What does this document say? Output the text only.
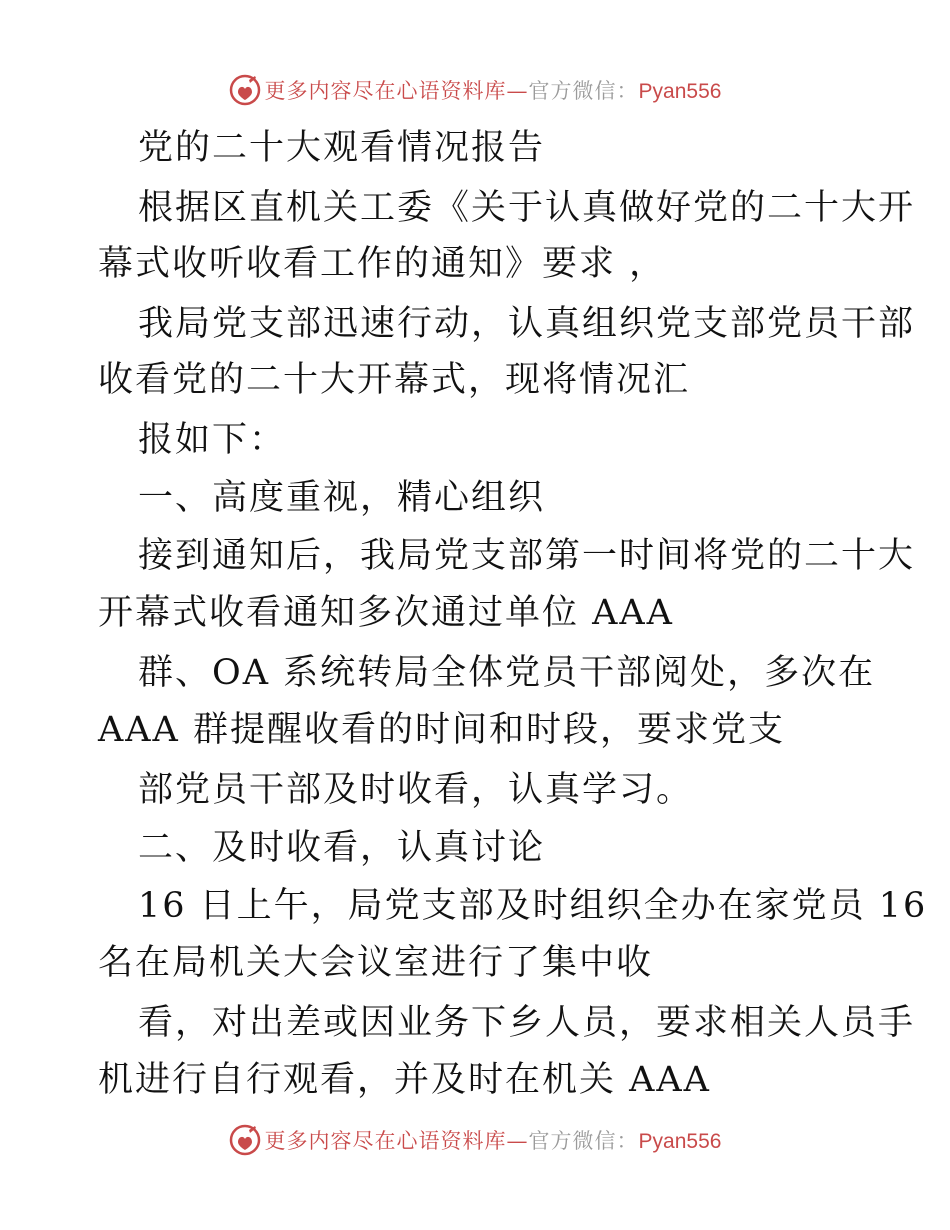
更多内容尽在心语资料库—官方微信：Pyan556
党的二十大观看情况报告
根据区直机关工委《关于认真做好党的二十大开
幕式收听收看工作的通知》要求 ，
我局党支部迅速行动，认真组织党支部党员干部
收看党的二十大开幕式，现将情况汇
报如下：
一、高度重视，精心组织
接到通知后，我局党支部第一时间将党的二十大
开幕式收看通知多次通过单位 AAA
群、OA 系统转局全体党员干部阅处，多次在
AAA 群提醒收看的时间和时段，要求党支
部党员干部及时收看，认真学习。
二、及时收看，认真讨论
16 日上午，局党支部及时组织全办在家党员 16
名在局机关大会议室进行了集中收
看，对出差或因业务下乡人员，要求相关人员手
机进行自行观看，并及时在机关 AAA
更多内容尽在心语资料库—官方微信：Pyan556
